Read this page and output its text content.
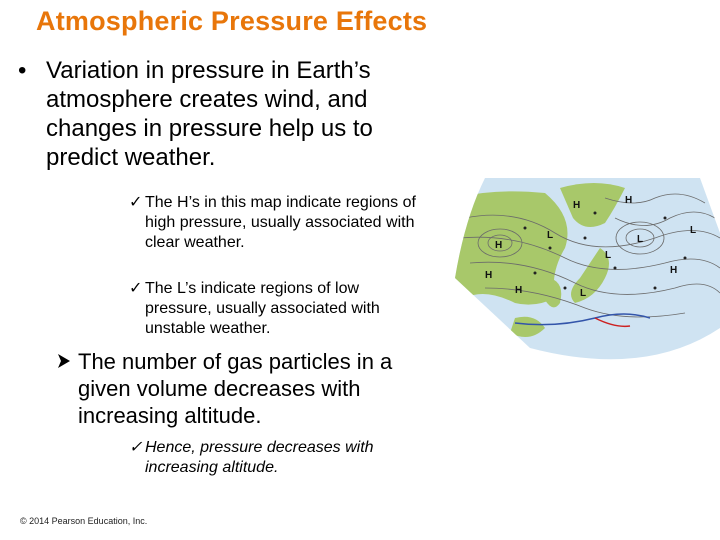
Atmospheric Pressure Effects
• Variation in pressure in Earth’s atmosphere creates wind, and changes in pressure help us to predict weather.
✓ The H’s in this map indicate regions of high pressure, usually associated with clear weather.
✓ The L’s indicate regions of low pressure, usually associated with unstable weather.
The number of gas particles in a given volume decreases with increasing altitude.
✓ Hence, pressure decreases with increasing altitude.
H
H
H
L
H
L
L
H
H	L
L
© 2014 Pearson Education, Inc.
